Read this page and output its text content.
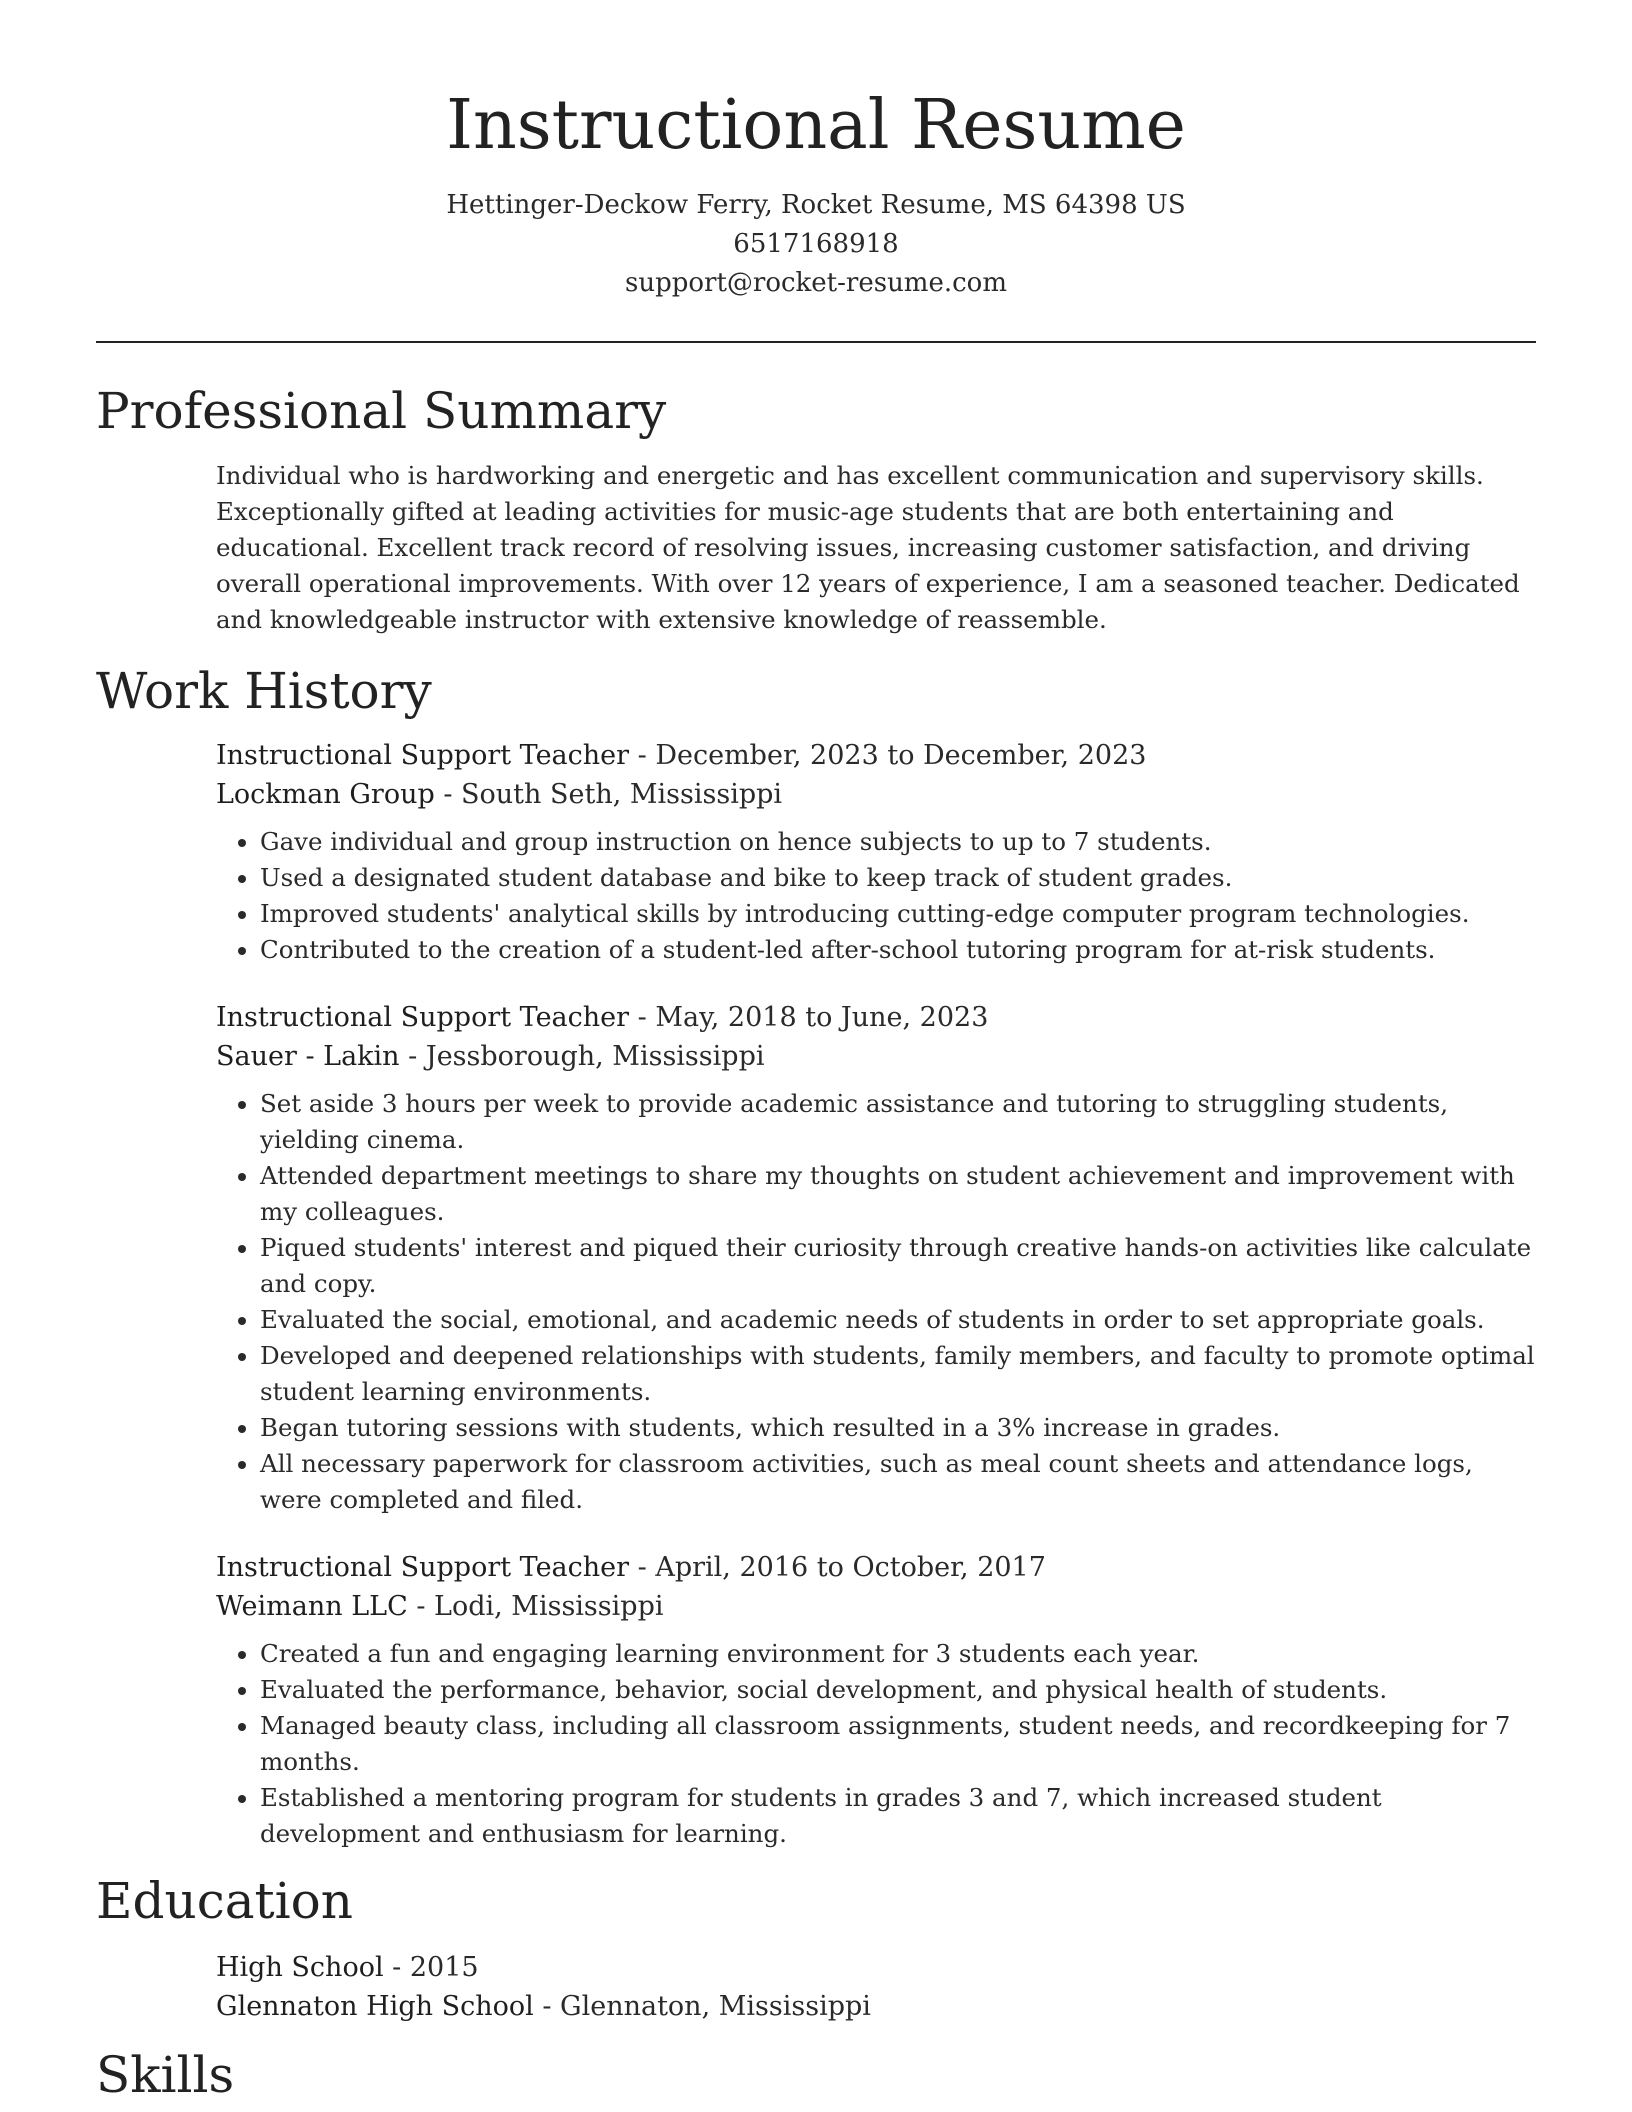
Instructional Resume
Hettinger-Deckow Ferry, Rocket Resume, MS 64398 US
6517168918
support@rocket-resume.com
Professional Summary
Individual who is hardworking and energetic and has excellent communication and supervisory skills. Exceptionally gifted at leading activities for music-age students that are both entertaining and educational. Excellent track record of resolving issues, increasing customer satisfaction, and driving overall operational improvements. With over 12 years of experience, I am a seasoned teacher. Dedicated and knowledgeable instructor with extensive knowledge of reassemble.
Work History
Instructional Support Teacher - December, 2023 to December, 2023
Lockman Group - South Seth, Mississippi
• Gave individual and group instruction on hence subjects to up to 7 students.
• Used a designated student database and bike to keep track of student grades.
• Improved students' analytical skills by introducing cutting-edge computer program technologies.
• Contributed to the creation of a student-led after-school tutoring program for at-risk students.
Instructional Support Teacher - May, 2018 to June, 2023
Sauer - Lakin - Jessborough, Mississippi
• Set aside 3 hours per week to provide academic assistance and tutoring to struggling students, yielding cinema.
• Attended department meetings to share my thoughts on student achievement and improvement with my colleagues.
• Piqued students' interest and piqued their curiosity through creative hands-on activities like calculate and copy.
• Evaluated the social, emotional, and academic needs of students in order to set appropriate goals.
• Developed and deepened relationships with students, family members, and faculty to promote optimal student learning environments.
• Began tutoring sessions with students, which resulted in a 3% increase in grades.
• All necessary paperwork for classroom activities, such as meal count sheets and attendance logs, were completed and filed.
Instructional Support Teacher - April, 2016 to October, 2017
Weimann LLC - Lodi, Mississippi
• Created a fun and engaging learning environment for 3 students each year.
• Evaluated the performance, behavior, social development, and physical health of students.
• Managed beauty class, including all classroom assignments, student needs, and recordkeeping for 7 months.
• Established a mentoring program for students in grades 3 and 7, which increased student development and enthusiasm for learning.
Education
High School - 2015
Glennaton High School - Glennaton, Mississippi
Skills
